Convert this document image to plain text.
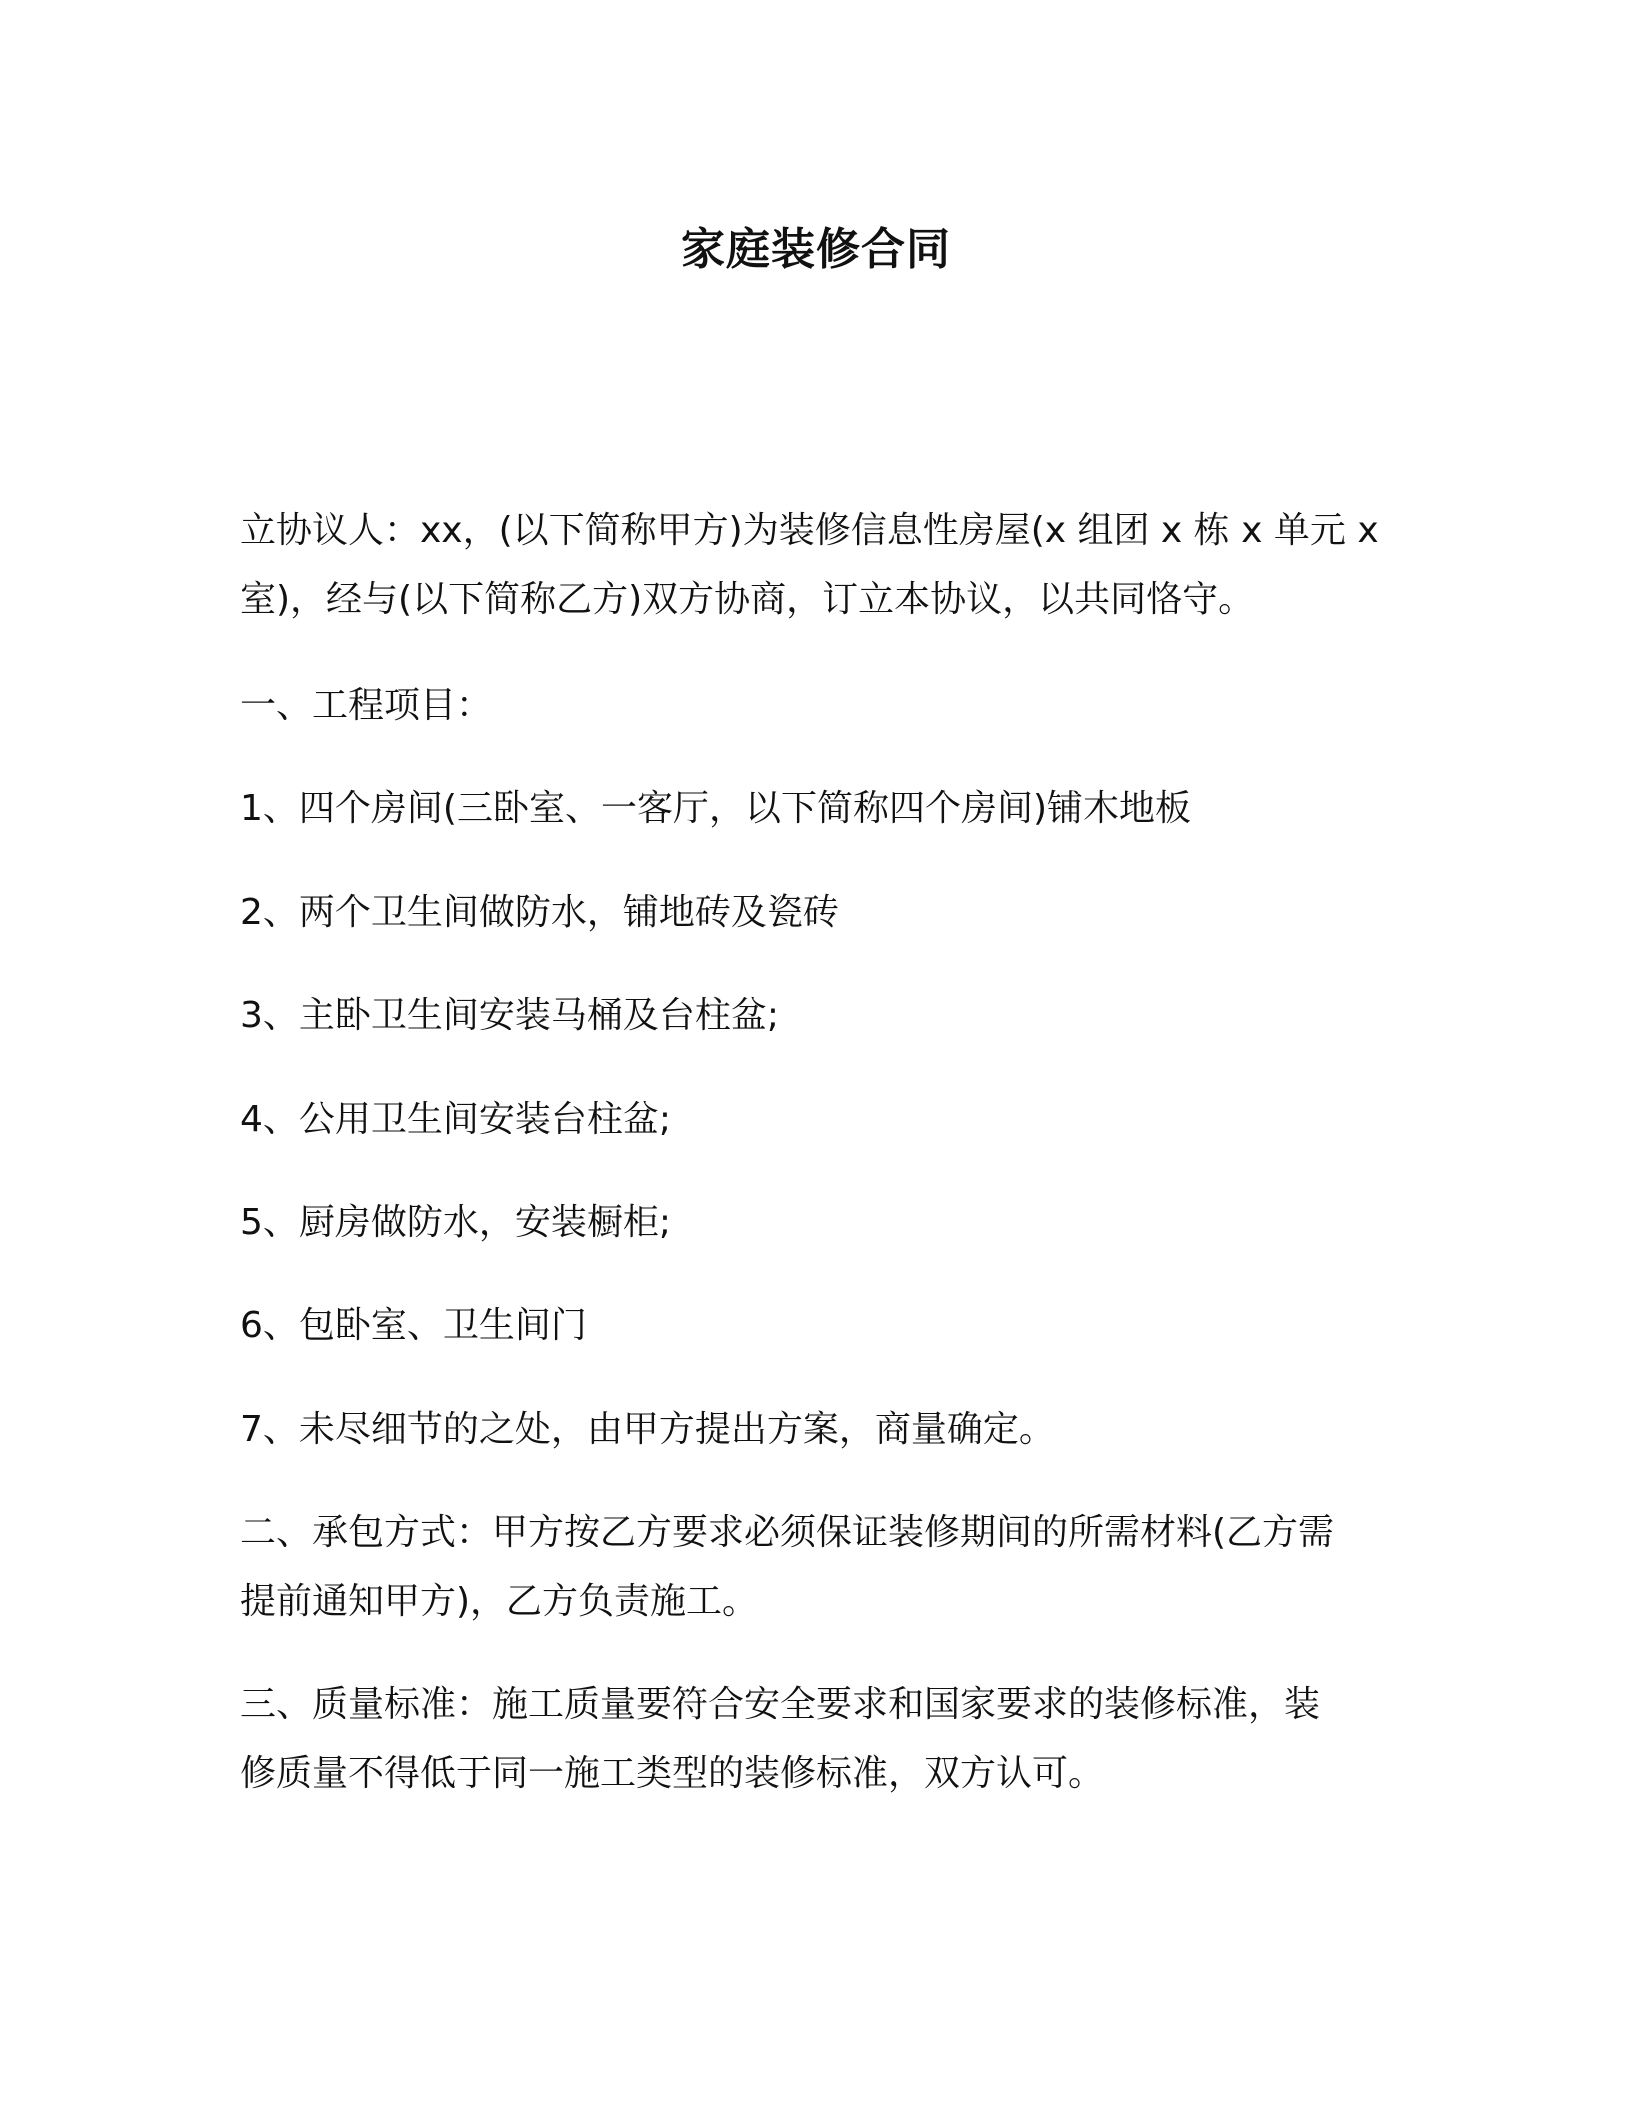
家庭装修合同
立协议人：xx，(以下简称甲方)为装修信息性房屋(x 组团 x 栋 x 单元 x
室)，经与(以下简称乙方)双方协商，订立本协议，以共同恪守。
一、工程项目：
1、四个房间(三卧室、一客厅，以下简称四个房间)铺木地板
2、两个卫生间做防水，铺地砖及瓷砖
3、主卧卫生间安装马桶及台柱盆;
4、公用卫生间安装台柱盆;
5、厨房做防水，安装橱柜;
6、包卧室、卫生间门
7、未尽细节的之处，由甲方提出方案，商量确定。
二、承包方式：甲方按乙方要求必须保证装修期间的所需材料(乙方需
提前通知甲方)，乙方负责施工。
三、质量标准：施工质量要符合安全要求和国家要求的装修标准，装
修质量不得低于同一施工类型的装修标准，双方认可。
